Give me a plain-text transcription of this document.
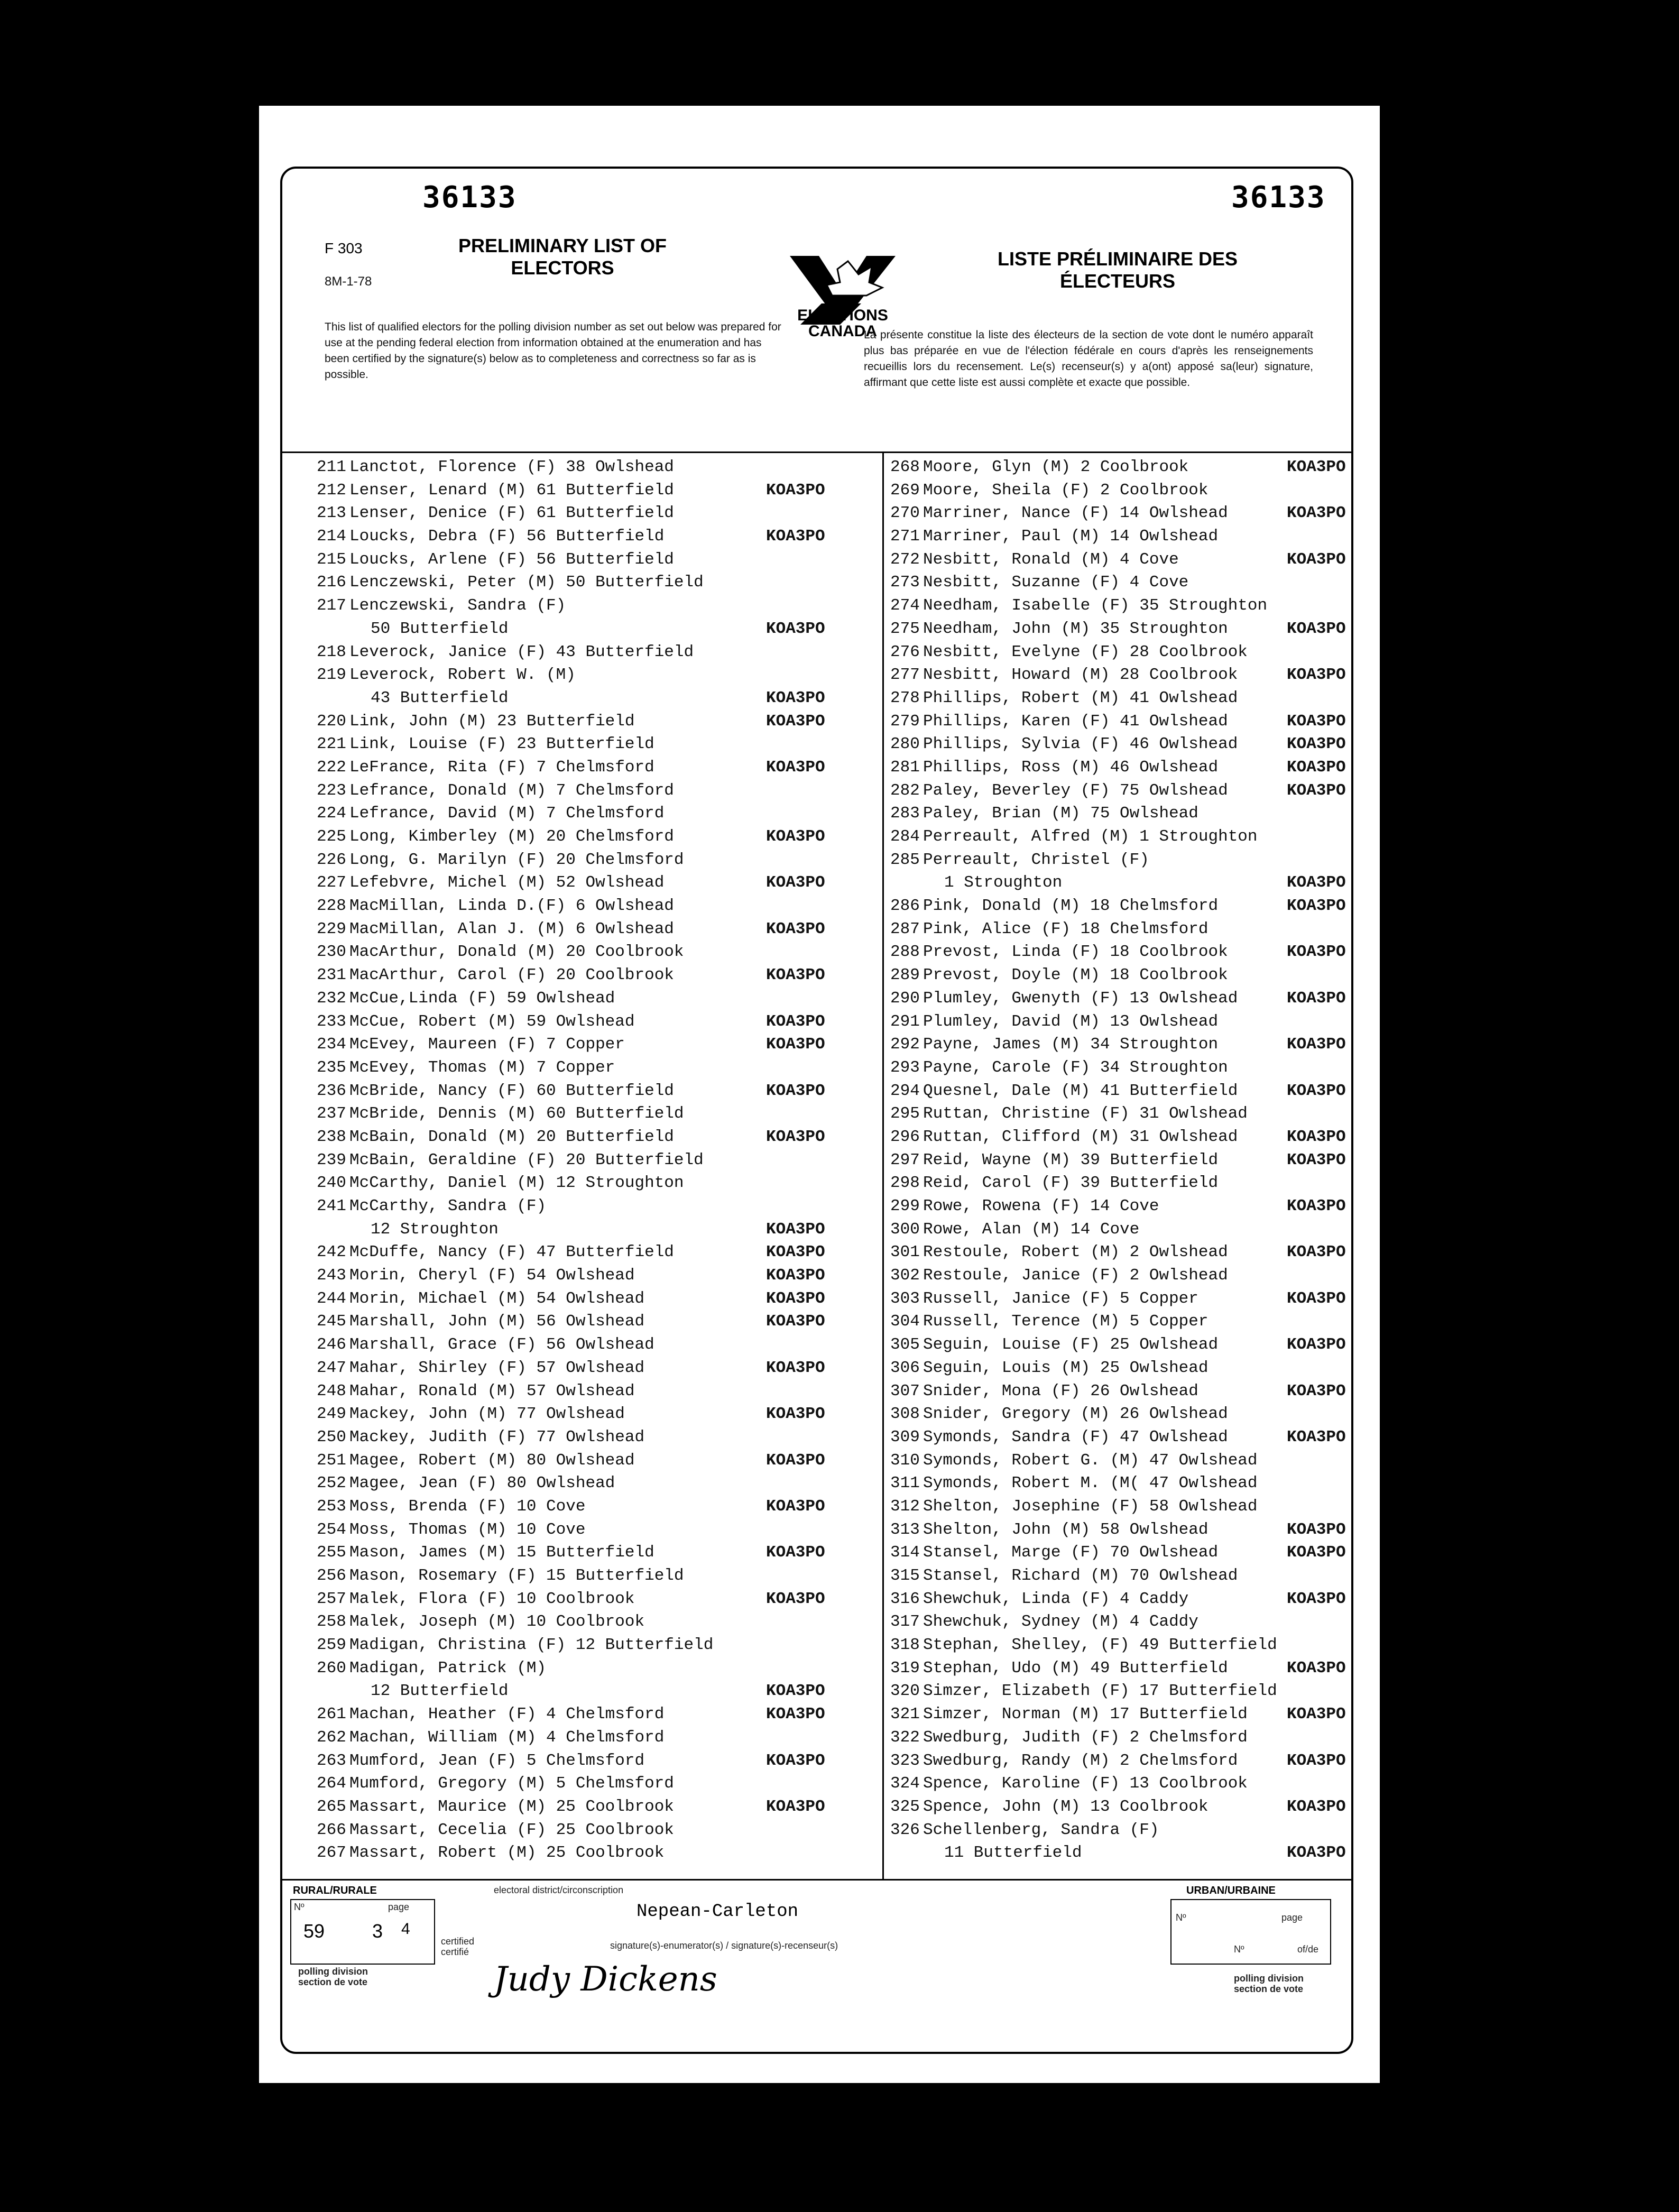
36133	36133
F 303
8M-1-78
PRELIMINARY LIST OF
ELECTORS
ELECTIONS
CANADA
LISTE PRÉLIMINAIRE DES
ÉLECTEURS
This list of qualified electors for the polling division number as set out below was prepared for use at the pending federal election from information obtained at the enumeration and has been certified by the signature(s) below as to completeness and correctness so far as is possible.
La présente constitue la liste des électeurs de la section de vote dont le numéro apparaît plus bas préparée en vue de l'élection fédérale en cours d'après les renseignements recueillis lors du recensement. Le(s) recenseur(s) y a(ont) apposé sa(leur) signature, affirmant que cette liste est aussi complète et exacte que possible.
211 Lanctot, Florence (F) 38 Owlshead
212 Lenser, Lenard (M) 61 Butterfield	KOA3PO
213 Lenser, Denice (F) 61 Butterfield
214 Loucks, Debra (F) 56 Butterfield	KOA3PO
215 Loucks, Arlene (F) 56 Butterfield
216 Lenczewski, Peter (M) 50 Butterfield
217 Lenczewski, Sandra (F)
50 Butterfield	KOA3PO
218 Leverock, Janice (F) 43 Butterfield
219 Leverock, Robert W. (M)
43 Butterfield	KOA3PO
220 Link, John (M) 23 Butterfield	KOA3PO
221 Link, Louise (F) 23 Butterfield
222 LeFrance, Rita (F) 7 Chelmsford	KOA3PO
223 Lefrance, Donald (M) 7 Chelmsford
224 Lefrance, David (M) 7 Chelmsford
225 Long, Kimberley (M) 20 Chelmsford	KOA3PO
226 Long, G. Marilyn (F) 20 Chelmsford
227 Lefebvre, Michel (M) 52 Owlshead	KOA3PO
228 MacMillan, Linda D.(F) 6 Owlshead
229 MacMillan, Alan J. (M) 6 Owlshead	KOA3PO
230 MacArthur, Donald (M) 20 Coolbrook
231 MacArthur, Carol (F) 20 Coolbrook	KOA3PO
232 McCue,Linda (F) 59 Owlshead
233 McCue, Robert (M) 59 Owlshead	KOA3PO
234 McEvey, Maureen (F) 7 Copper	KOA3PO
235 McEvey, Thomas (M) 7 Copper
236 McBride, Nancy (F) 60 Butterfield	KOA3PO
237 McBride, Dennis (M) 60 Butterfield
238 McBain, Donald (M) 20 Butterfield	KOA3PO
239 McBain, Geraldine (F) 20 Butterfield
240 McCarthy, Daniel (M) 12 Stroughton
241 McCarthy, Sandra (F)
12 Stroughton	KOA3PO
242 McDuffe, Nancy (F) 47 Butterfield	KOA3PO
243 Morin, Cheryl (F) 54 Owlshead	KOA3PO
244 Morin, Michael (M) 54 Owlshead	KOA3PO
245 Marshall, John (M) 56 Owlshead	KOA3PO
246 Marshall, Grace (F) 56 Owlshead
247 Mahar, Shirley (F) 57 Owlshead	KOA3PO
248 Mahar, Ronald (M) 57 Owlshead
249 Mackey, John (M) 77 Owlshead	KOA3PO
250 Mackey, Judith (F) 77 Owlshead
251 Magee, Robert (M) 80 Owlshead	KOA3PO
252 Magee, Jean (F) 80 Owlshead
253 Moss, Brenda (F) 10 Cove	KOA3PO
254 Moss, Thomas (M) 10 Cove
255 Mason, James (M) 15 Butterfield	KOA3PO
256 Mason, Rosemary (F) 15 Butterfield
257 Malek, Flora (F) 10 Coolbrook	KOA3PO
258 Malek, Joseph (M) 10 Coolbrook
259 Madigan, Christina (F) 12 Butterfield
260 Madigan, Patrick (M)
12 Butterfield	KOA3PO
261 Machan, Heather (F) 4 Chelmsford	KOA3PO
262 Machan, William (M) 4 Chelmsford
263 Mumford, Jean (F) 5 Chelmsford	KOA3PO
264 Mumford, Gregory (M) 5 Chelmsford
265 Massart, Maurice (M) 25 Coolbrook	KOA3PO
266 Massart, Cecelia (F) 25 Coolbrook
267 Massart, Robert (M) 25 Coolbrook
268 Moore, Glyn (M) 2 Coolbrook	KOA3PO
269 Moore, Sheila (F) 2 Coolbrook
270 Marriner, Nance (F) 14 Owlshead	KOA3PO
271 Marriner, Paul (M) 14 Owlshead
272 Nesbitt, Ronald (M) 4 Cove	KOA3PO
273 Nesbitt, Suzanne (F) 4 Cove
274 Needham, Isabelle (F) 35 Stroughton
275 Needham, John (M) 35 Stroughton	KOA3PO
276 Nesbitt, Evelyne (F) 28 Coolbrook
277 Nesbitt, Howard (M) 28 Coolbrook	KOA3PO
278 Phillips, Robert (M) 41 Owlshead
279 Phillips, Karen (F) 41 Owlshead	KOA3PO
280 Phillips, Sylvia (F) 46 Owlshead	KOA3PO
281 Phillips, Ross (M) 46 Owlshead	KOA3PO
282 Paley, Beverley (F) 75 Owlshead	KOA3PO
283 Paley, Brian (M) 75 Owlshead
284 Perreault, Alfred (M) 1 Stroughton
285 Perreault, Christel (F)
1 Stroughton	KOA3PO
286 Pink, Donald (M) 18 Chelmsford	KOA3PO
287 Pink, Alice (F) 18 Chelmsford
288 Prevost, Linda (F) 18 Coolbrook	KOA3PO
289 Prevost, Doyle (M) 18 Coolbrook
290 Plumley, Gwenyth (F) 13 Owlshead	KOA3PO
291 Plumley, David (M) 13 Owlshead
292 Payne, James (M) 34 Stroughton	KOA3PO
293 Payne, Carole (F) 34 Stroughton
294 Quesnel, Dale (M) 41 Butterfield	KOA3PO
295 Ruttan, Christine (F) 31 Owlshead
296 Ruttan, Clifford (M) 31 Owlshead	KOA3PO
297 Reid, Wayne (M) 39 Butterfield	KOA3PO
298 Reid, Carol (F) 39 Butterfield
299 Rowe, Rowena (F) 14 Cove	KOA3PO
300 Rowe, Alan (M) 14 Cove
301 Restoule, Robert (M) 2 Owlshead	KOA3PO
302 Restoule, Janice (F) 2 Owlshead
303 Russell, Janice (F) 5 Copper	KOA3PO
304 Russell, Terence (M) 5 Copper
305 Seguin, Louise (F) 25 Owlshead	KOA3PO
306 Seguin, Louis (M) 25 Owlshead
307 Snider, Mona (F) 26 Owlshead	KOA3PO
308 Snider, Gregory (M) 26 Owlshead
309 Symonds, Sandra (F) 47 Owlshead	KOA3PO
310 Symonds, Robert G. (M) 47 Owlshead
311 Symonds, Robert M. (M( 47 Owlshead
312 Shelton, Josephine (F) 58 Owlshead
313 Shelton, John (M) 58 Owlshead	KOA3PO
314 Stansel, Marge (F) 70 Owlshead	KOA3PO
315 Stansel, Richard (M) 70 Owlshead
316 Shewchuk, Linda (F) 4 Caddy	KOA3PO
317 Shewchuk, Sydney (M) 4 Caddy
318 Stephan, Shelley, (F) 49 Butterfield
319 Stephan, Udo (M) 49 Butterfield	KOA3PO
320 Simzer, Elizabeth (F) 17 Butterfield
321 Simzer, Norman (M) 17 Butterfield KOA3PO
322 Swedburg, Judith (F) 2 Chelmsford
323 Swedburg, Randy (M) 2 Chelmsford	KOA3PO
324 Spence, Karoline (F) 13 Coolbrook
325 Spence, John (M) 13 Coolbrook	KOA3PO
326 Schellenberg, Sandra (F)
11 Butterfield	KOA3PO
RURAL/RURALE
Nº	page
59 3 4
polling division section de vote
certified certifié
electoral district/circonscription
Nepean-Carleton
signature(s)-enumerator(s) / signature(s)-recenseur(s)
Judy Dickens
URBAN/URBAINE
Nº	page
Nº	of/de
polling division section de vote
